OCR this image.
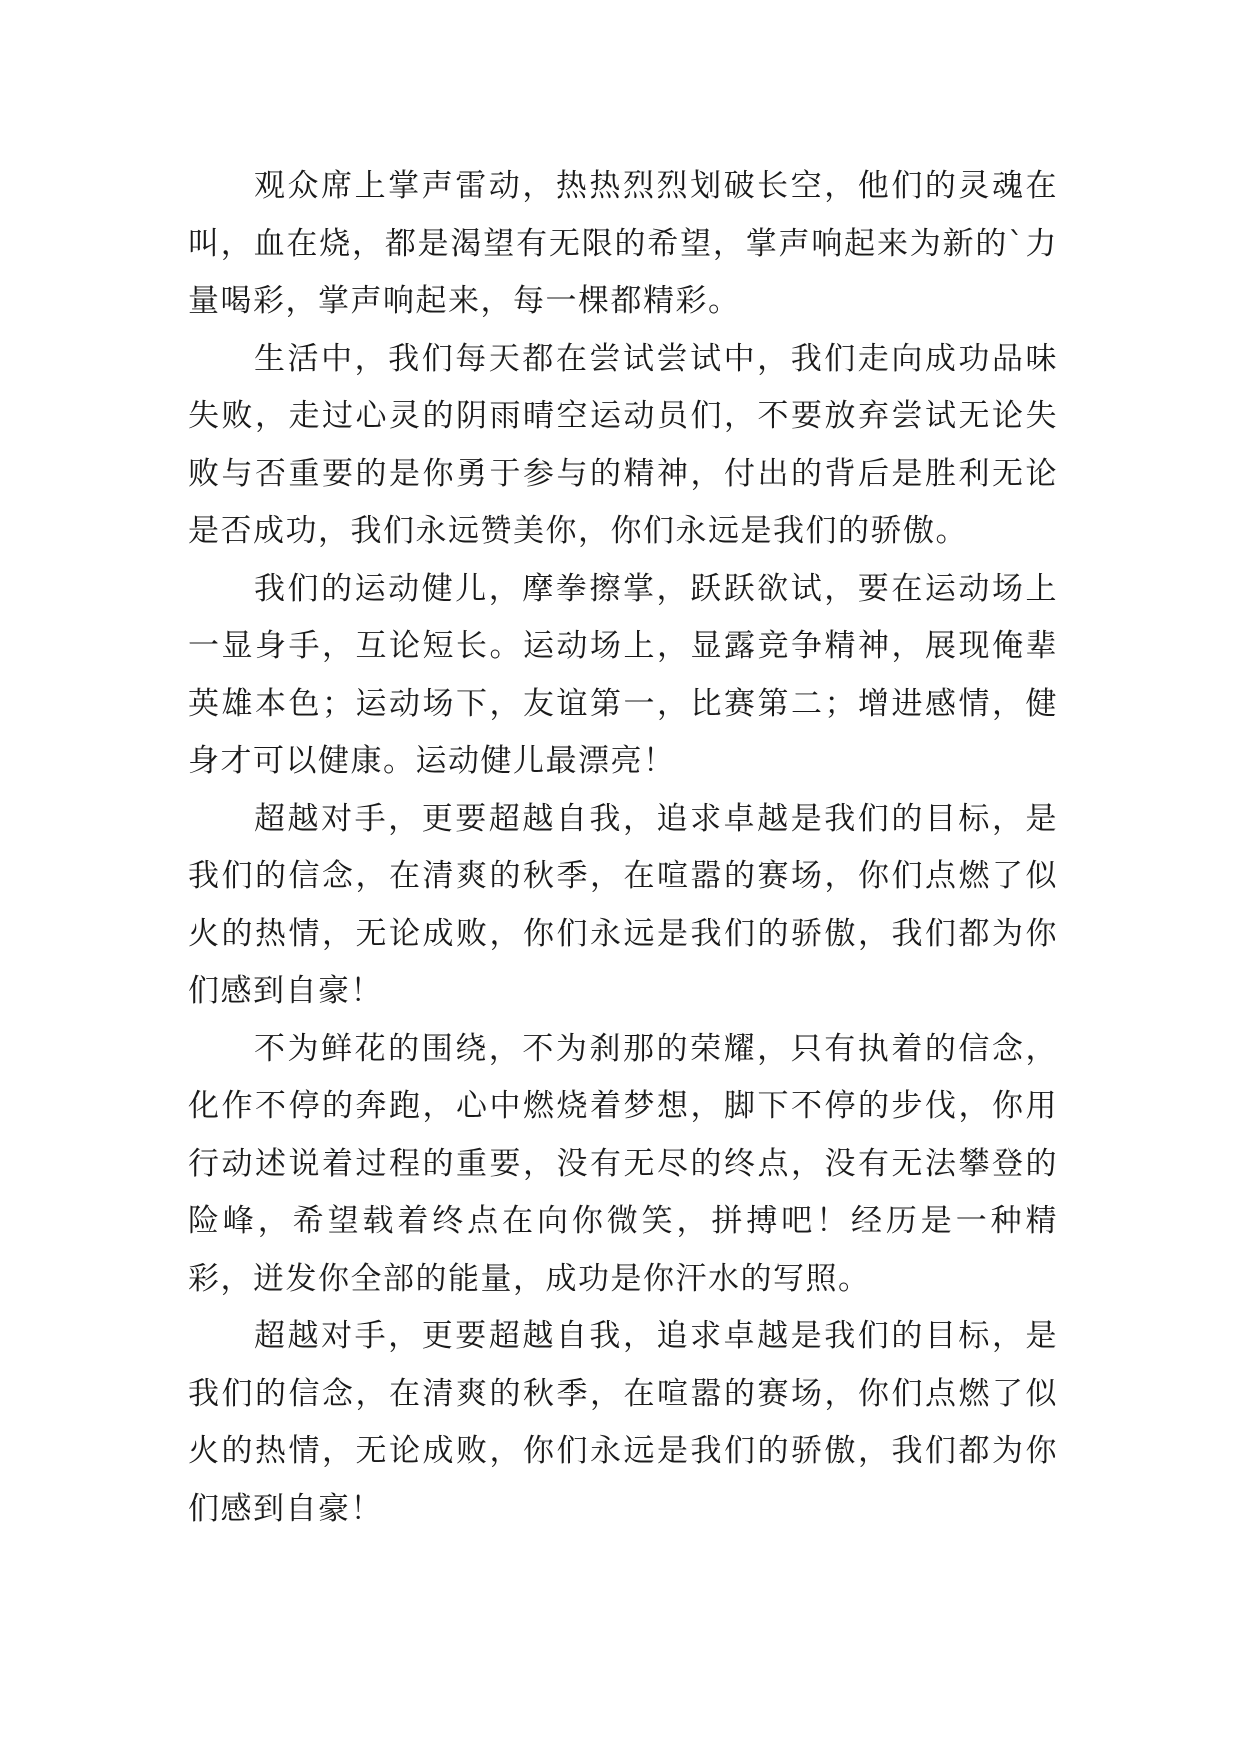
观众席上掌声雷动，热热烈烈划破长空，他们的灵魂在叫，血在烧，都是渴望有无限的希望，掌声响起来为新的`力量喝彩，掌声响起来，每一棵都精彩。

生活中，我们每天都在尝试尝试中，我们走向成功品味失败，走过心灵的阴雨晴空运动员们，不要放弃尝试无论失败与否重要的是你勇于参与的精神，付出的背后是胜利无论是否成功，我们永远赞美你，你们永远是我们的骄傲。

我们的运动健儿，摩拳擦掌，跃跃欲试，要在运动场上一显身手，互论短长。运动场上，显露竞争精神，展现俺辈英雄本色；运动场下，友谊第一，比赛第二；增进感情，健身才可以健康。运动健儿最漂亮！

超越对手，更要超越自我，追求卓越是我们的目标，是我们的信念，在清爽的秋季，在喧嚣的赛场，你们点燃了似火的热情，无论成败，你们永远是我们的骄傲，我们都为你们感到自豪！

不为鲜花的围绕，不为刹那的荣耀，只有执着的信念，化作不停的奔跑，心中燃烧着梦想，脚下不停的步伐，你用行动述说着过程的重要，没有无尽的终点，没有无法攀登的险峰，希望载着终点在向你微笑，拼搏吧！经历是一种精彩，迸发你全部的能量，成功是你汗水的写照。

超越对手，更要超越自我，追求卓越是我们的目标，是我们的信念，在清爽的秋季，在喧嚣的赛场，你们点燃了似火的热情，无论成败，你们永远是我们的骄傲，我们都为你们感到自豪！
